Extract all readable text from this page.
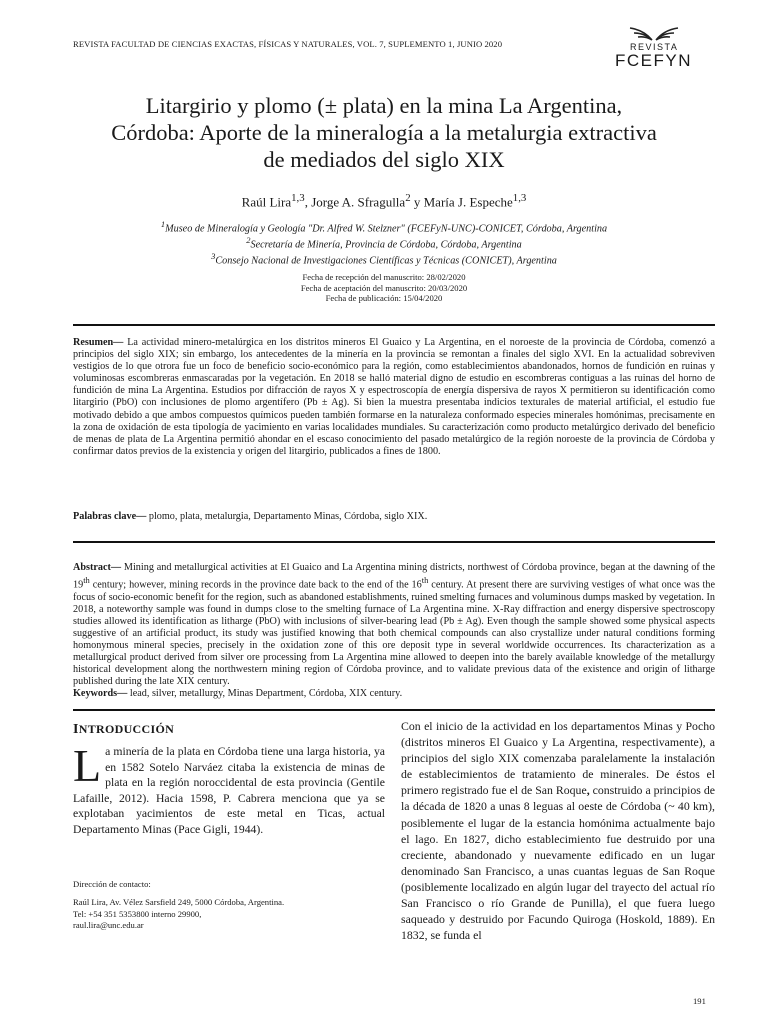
REVISTA FACULTAD DE CIENCIAS EXACTAS, FÍSICAS Y NATURALES, VOL. 7, SUPLEMENTO 1, JUNIO 2020	REVISTA
FCEFYN
Litargirio y plomo (± plata) en la mina La Argentina,
Córdoba: Aporte de la mineralogía a la metalurgia extractiva
de mediados del siglo XIX
Raúl Lira$^{1,3}$, Jorge A. Sfragulla$^2$ y María J. Espeche$^{1,3}$
$^1$Museo de Mineralogía y Geología "Dr. Alfred W. Stelzner" (FCEFyN-UNC)-CONICET, Córdoba, Argentina
$^2$Secretaría de Minería, Provincia de Córdoba, Córdoba, Argentina
$^3$Consejo Nacional de Investigaciones Científicas y Técnicas (CONICET), Argentina
Fecha de recepción del manuscrito: 28/02/2020
Fecha de aceptación del manuscrito: 20/03/2020
Fecha de publicación: 15/04/2020
Resumen— La actividad minero-metalúrgica en los distritos mineros El Guaico y La Argentina, en el noroeste de la provincia de Córdoba, comenzó a principios del siglo XIX; sin embargo, los antecedentes de la minería en la provincia se remontan a finales del siglo XVI. En la actualidad sobreviven vestigios de lo que otrora fue un foco de beneficio socio-económico para la región, como establecimientos abandonados, hornos de fundición en ruinas y voluminosas escombreras enmascaradas por la vegetación. En 2018 se halló material digno de estudio en escombreras contiguas a las ruinas del horno de fundición de mina La Argentina. Estudios por difracción de rayos X y espectroscopía de energía dispersiva de rayos X permitieron su identificación como litargirio (PbO) con inclusiones de plomo argentífero (Pb ± Ag). Si bien la muestra presentaba indicios texturales de material artificial, el estudio fue motivado debido a que ambos compuestos químicos pueden también formarse en la naturaleza conformado especies minerales homónimas, precisamente en la zona de oxidación de esta tipología de yacimiento en varias localidades mundiales. Su caracterización como producto metalúrgico derivado del beneficio de menas de plata de La Argentina permitió ahondar en el escaso conocimiento del pasado metalúrgico de la región noroeste de la provincia de Córdoba y confirmar datos previos de la existencia y origen del litargirio, publicados a fines de 1800.
Palabras clave— plomo, plata, metalurgia, Departamento Minas, Córdoba, siglo XIX.
Abstract— Mining and metallurgical activities at El Guaico and La Argentina mining districts, northwest of Córdoba province, began at the dawning of the 19th century; however, mining records in the province date back to the end of the 16th century. At present there are surviving vestiges of what once was the focus of socio-economic benefit for the region, such as abandoned establishments, ruined smelting furnaces and voluminous dumps masked by vegetation. In 2018, a noteworthy sample was found in dumps close to the smelting furnace of La Argentina mine. X-Ray diffraction and energy dispersive spectroscopy studies allowed its identification as litharge (PbO) with inclusions of silver-bearing lead (Pb ± Ag). Even though the sample showed some physical aspects suggestive of an artificial product, its study was justified knowing that both chemical compounds can also crystallize under natural conditions forming homonymous mineral species, precisely in the oxidation zone of this ore deposit type in several worldwide occurrences. Its characterization as a metallurgical product derived from silver ore processing from La Argentina mine allowed to deepen into the barely available knowledge of the metallurgy historical development along the northwestern mining region of Córdoba province, and to validate previous data of the existence and origin of litharge published during the late XIX century.
Keywords— lead, silver, metallurgy, Minas Department, Córdoba, XIX century.
INTRODUCCIÓN
La minería de la plata en Córdoba tiene una larga historia, ya en 1582 Sotelo Narváez citaba la existencia de minas de plata en la región noroccidental de esta provincia (Gentile Lafaille, 2012). Hacia 1598, P. Cabrera menciona que ya se explotaban yacimientos de este metal en Ticas, actual Departamento Minas (Pace Gigli, 1944).

Dirección de contacto:

Raúl Lira, Av. Vélez Sarsfield 249, 5000 Córdoba, Argentina.

Tel: +54 351 5353800 interno 29900,

raul.lira@unc.edu.ar

Con el inicio de la actividad en los departamentos Minas y Pocho (distritos mineros El Guaico y La Argentina, respectivamente), a principios del siglo XIX comenzaba paralelamente la instalación de establecimientos de tratamiento de minerales. De éstos el primero registrado fue el de San Roque, construido a principios de la década de 1820 a unas 8 leguas al oeste de Córdoba (~ 40 km), posiblemente el lugar de la estancia homónima actualmente bajo el lago. En 1827, dicho establecimiento fue destruido por una creciente, abandonado y nuevamente edificado en un lugar denominado San Francisco, a unas cuantas leguas de San Roque (posiblemente localizado en algún lugar del trayecto del actual río San Francisco o río Grande de Punilla), el que fuera luego saqueado y destruido por Facundo Quiroga (Hoskold, 1889). En 1832, se funda el
191
